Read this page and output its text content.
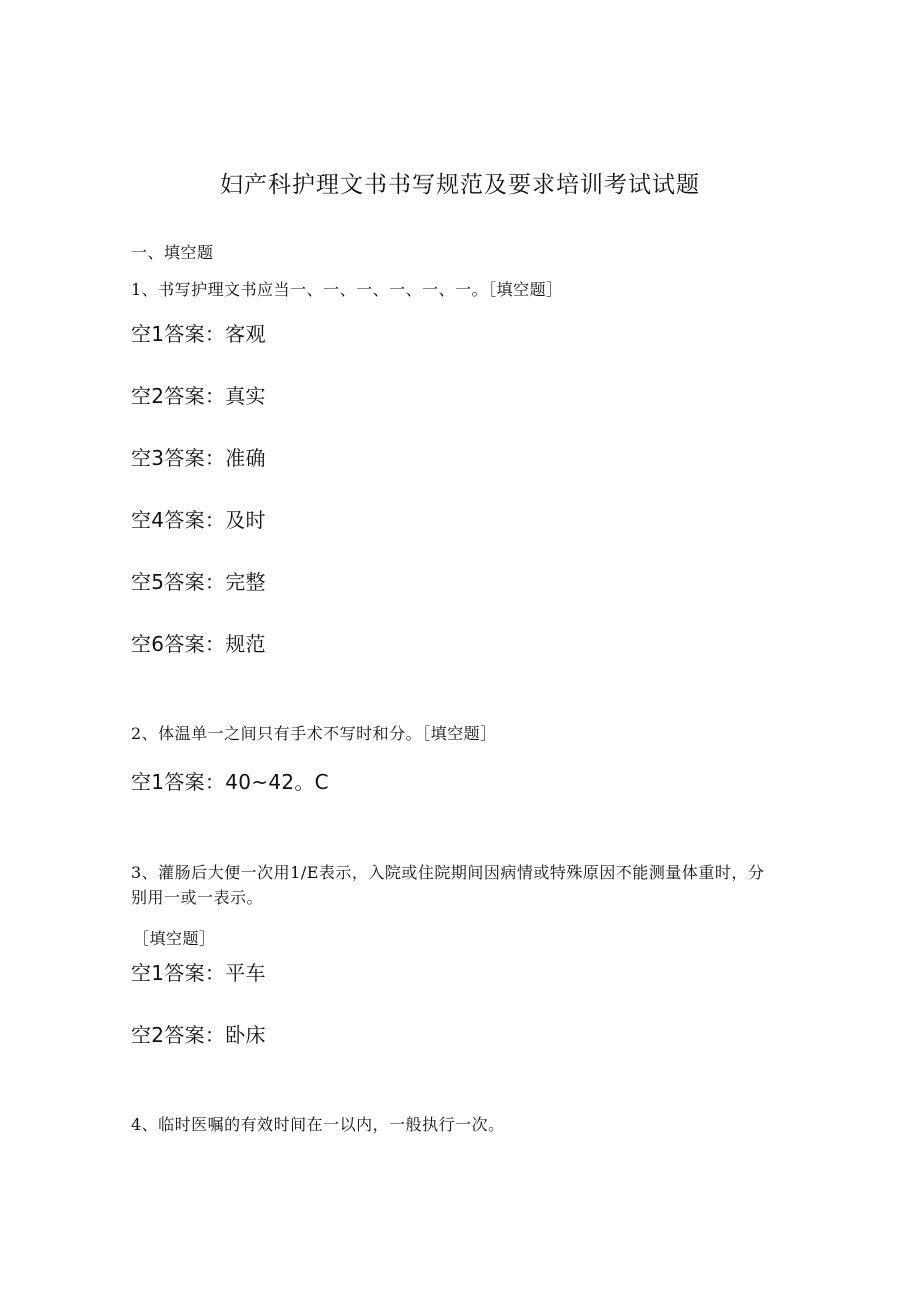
妇产科护理文书书写规范及要求培训考试试题
一、填空题
1、书写护理文书应当一、一、一、一、一、一。［填空题］
空1答案：客观
空2答案：真实
空3答案：准确
空4答案：及时
空5答案：完整
空6答案：规范
2、体温单一之间只有手术不写时和分。［填空题］
空1答案：40~42。C
3、灌肠后大便一次用1/E表示，入院或住院期间因病情或特殊原因不能测量体重时，分
别用一或一表示。
［填空题］
空1答案：平车
空2答案：卧床
4、临时医嘱的有效时间在一以内，一般执行一次。
